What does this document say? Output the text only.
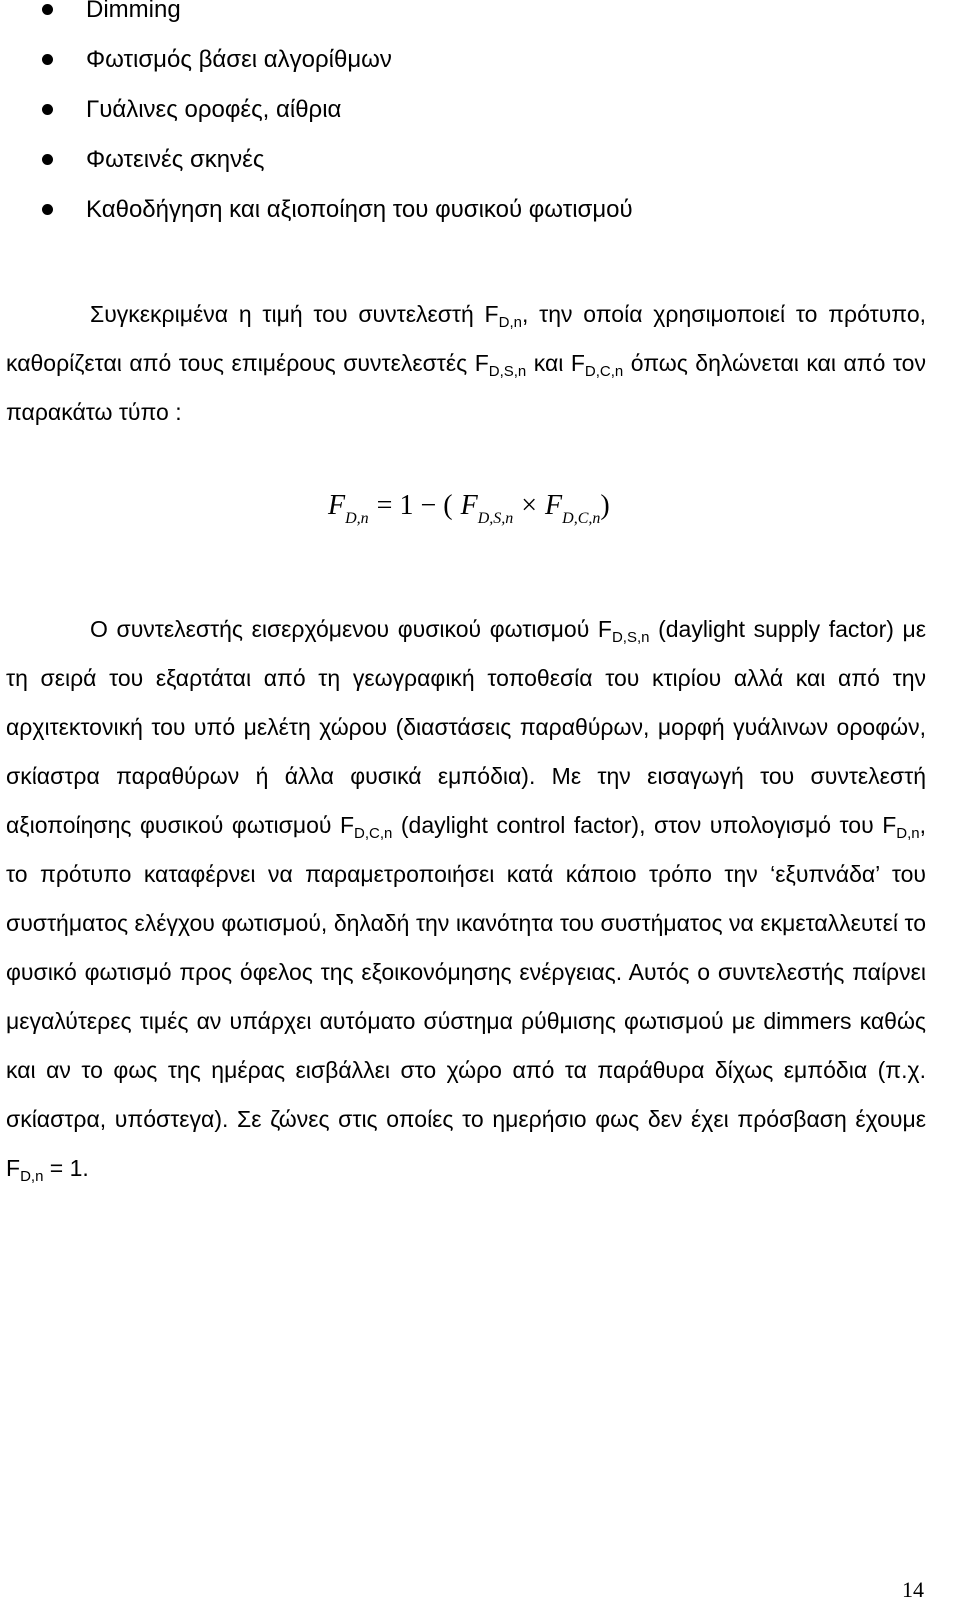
Dimming
Φωτισμός βάσει αλγορίθμων
Γυάλινες οροφές, αίθρια
Φωτεινές σκηνές
Καθοδήγηση και αξιοποίηση του φυσικού φωτισμού

Συγκεκριμένα η τιμή του συντελεστή $F_{D,n}$, την οποία χρησιμοποιεί το πρότυπο, καθορίζεται από τους επιμέρους συντελεστές $F_{D,S,n}$ και $F_{D,C,n}$ όπως δηλώνεται και από τον παρακάτω τύπο :

$F_{D,n} = 1$ − ( $F_{D,S,n} \times F_{D,C,n}$)

Ο συντελεστής εισερχόμενου φυσικού φωτισμού $F_{D,S,n}$ (daylight supply factor) με τη σειρά του εξαρτάται από τη γεωγραφική τοποθεσία του κτιρίου αλλά και από την αρχιτεκτονική του υπό μελέτη χώρου (διαστάσεις παραθύρων, μορφή γυάλινων οροφών, σκίαστρα παραθύρων ή άλλα φυσικά εμπόδια). Με την εισαγωγή του συντελεστή αξιοποίησης φυσικού φωτισμού $F_{D,C,n}$ (daylight control factor), στον υπολογισμό του $F_{D,n}$, το πρότυπο καταφέρνει να παραμετροποιήσει κατά κάποιο τρόπο την ‘εξυπνάδα’ του συστήματος ελέγχου φωτισμού, δηλαδή την ικανότητα του συστήματος να εκμεταλλευτεί το φυσικό φωτισμό προς όφελος της εξοικονόμησης ενέργειας. Αυτός ο συντελεστής παίρνει μεγαλύτερες τιμές αν υπάρχει αυτόματο σύστημα ρύθμισης φωτισμού με dimmers καθώς και αν το φως της ημέρας εισβάλλει στο χώρο από τα παράθυρα δίχως εμπόδια (π.χ. σκίαστρα, υπόστεγα). Σε ζώνες στις οποίες το ημερήσιο φως δεν έχει πρόσβαση έχουμε $F_{D,n} = 1$.

14
